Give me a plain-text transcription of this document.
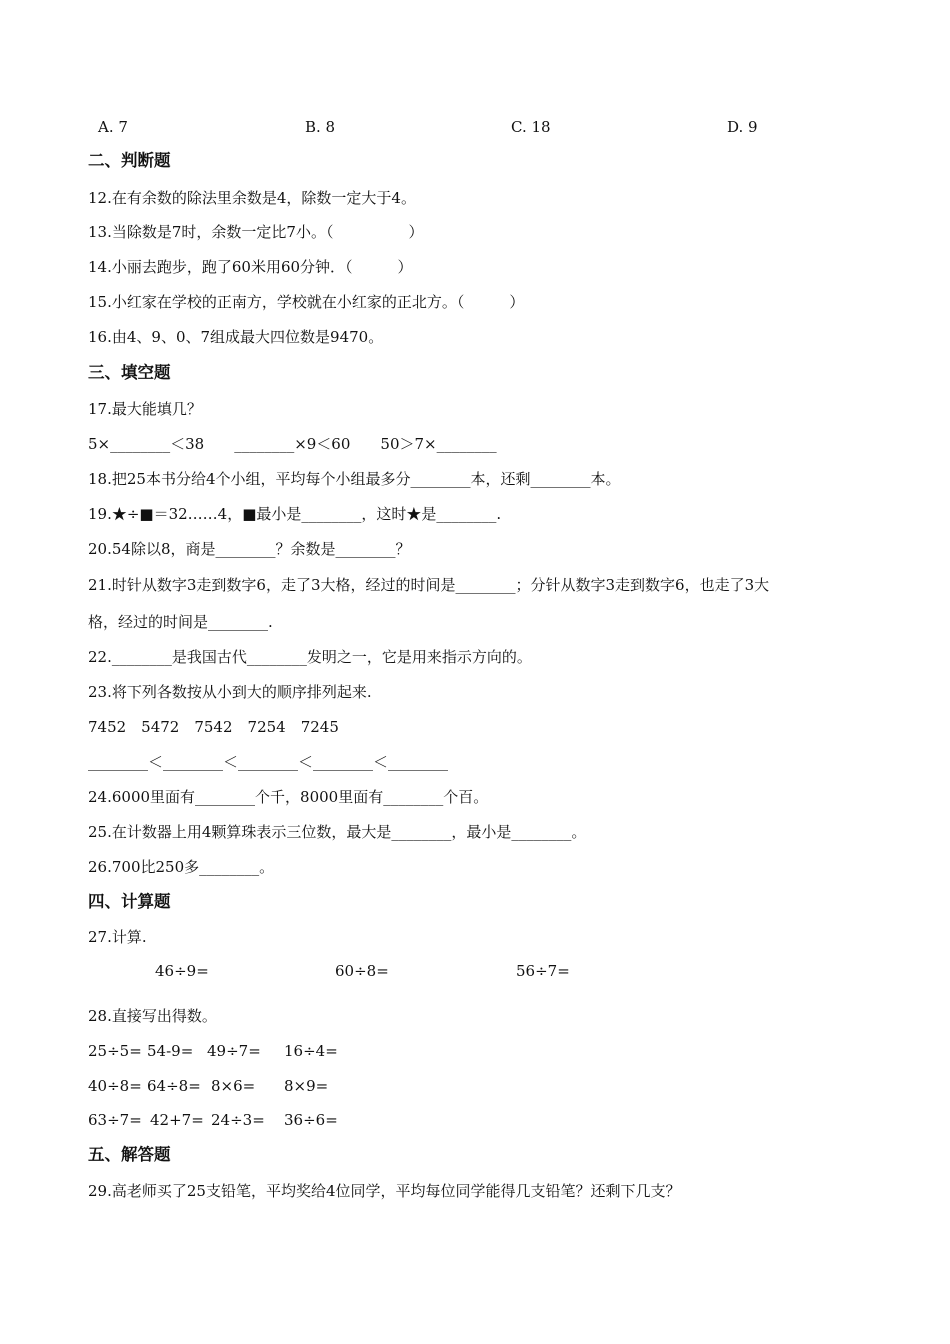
A. 7	B. 8	C. 18	D. 9
二、判断题
12.在有余数的除法里余数是4，除数一定大于4。
13.当除数是7时，余数一定比7小。（　　　　　）
14.小丽去跑步，跑了60米用60分钟．（　　　）
15.小红家在学校的正南方，学校就在小红家的正北方。（　　　）
16.由4、9、0、7组成最大四位数是9470。
三、填空题
17.最大能填几？
5×________＜38　　________×9＜60　　50＞7×________
18.把25本书分给4个小组，平均每个小组最多分________本，还剩________本。
19.★÷■＝32……4，■最小是________，这时★是________.
20.54除以8，商是________？余数是________？
21.时针从数字3走到数字6，走了3大格，经过的时间是________；分针从数字3走到数字6，也走了3大
格，经过的时间是________.
22.________是我国古代________发明之一，它是用来指示方向的。
23.将下列各数按从小到大的顺序排列起来.
7452　5472　7542　7254　7245
________＜________＜________＜________＜________
24.6000里面有________个千，8000里面有________个百。
25.在计数器上用4颗算珠表示三位数，最大是________，最小是________。
26.700比250多________。
四、计算题
27.计算.
46÷9=	60÷8=	56÷7=
28.直接写出得数。
25÷5= 54-9= 49÷7= 16÷4=
40÷8= 64÷8= 8×6= 8×9=
63÷7= 42+7= 24÷3= 36÷6=
五、解答题
29.高老师买了25支铅笔，平均奖给4位同学，平均每位同学能得几支铅笔？还剩下几支？
